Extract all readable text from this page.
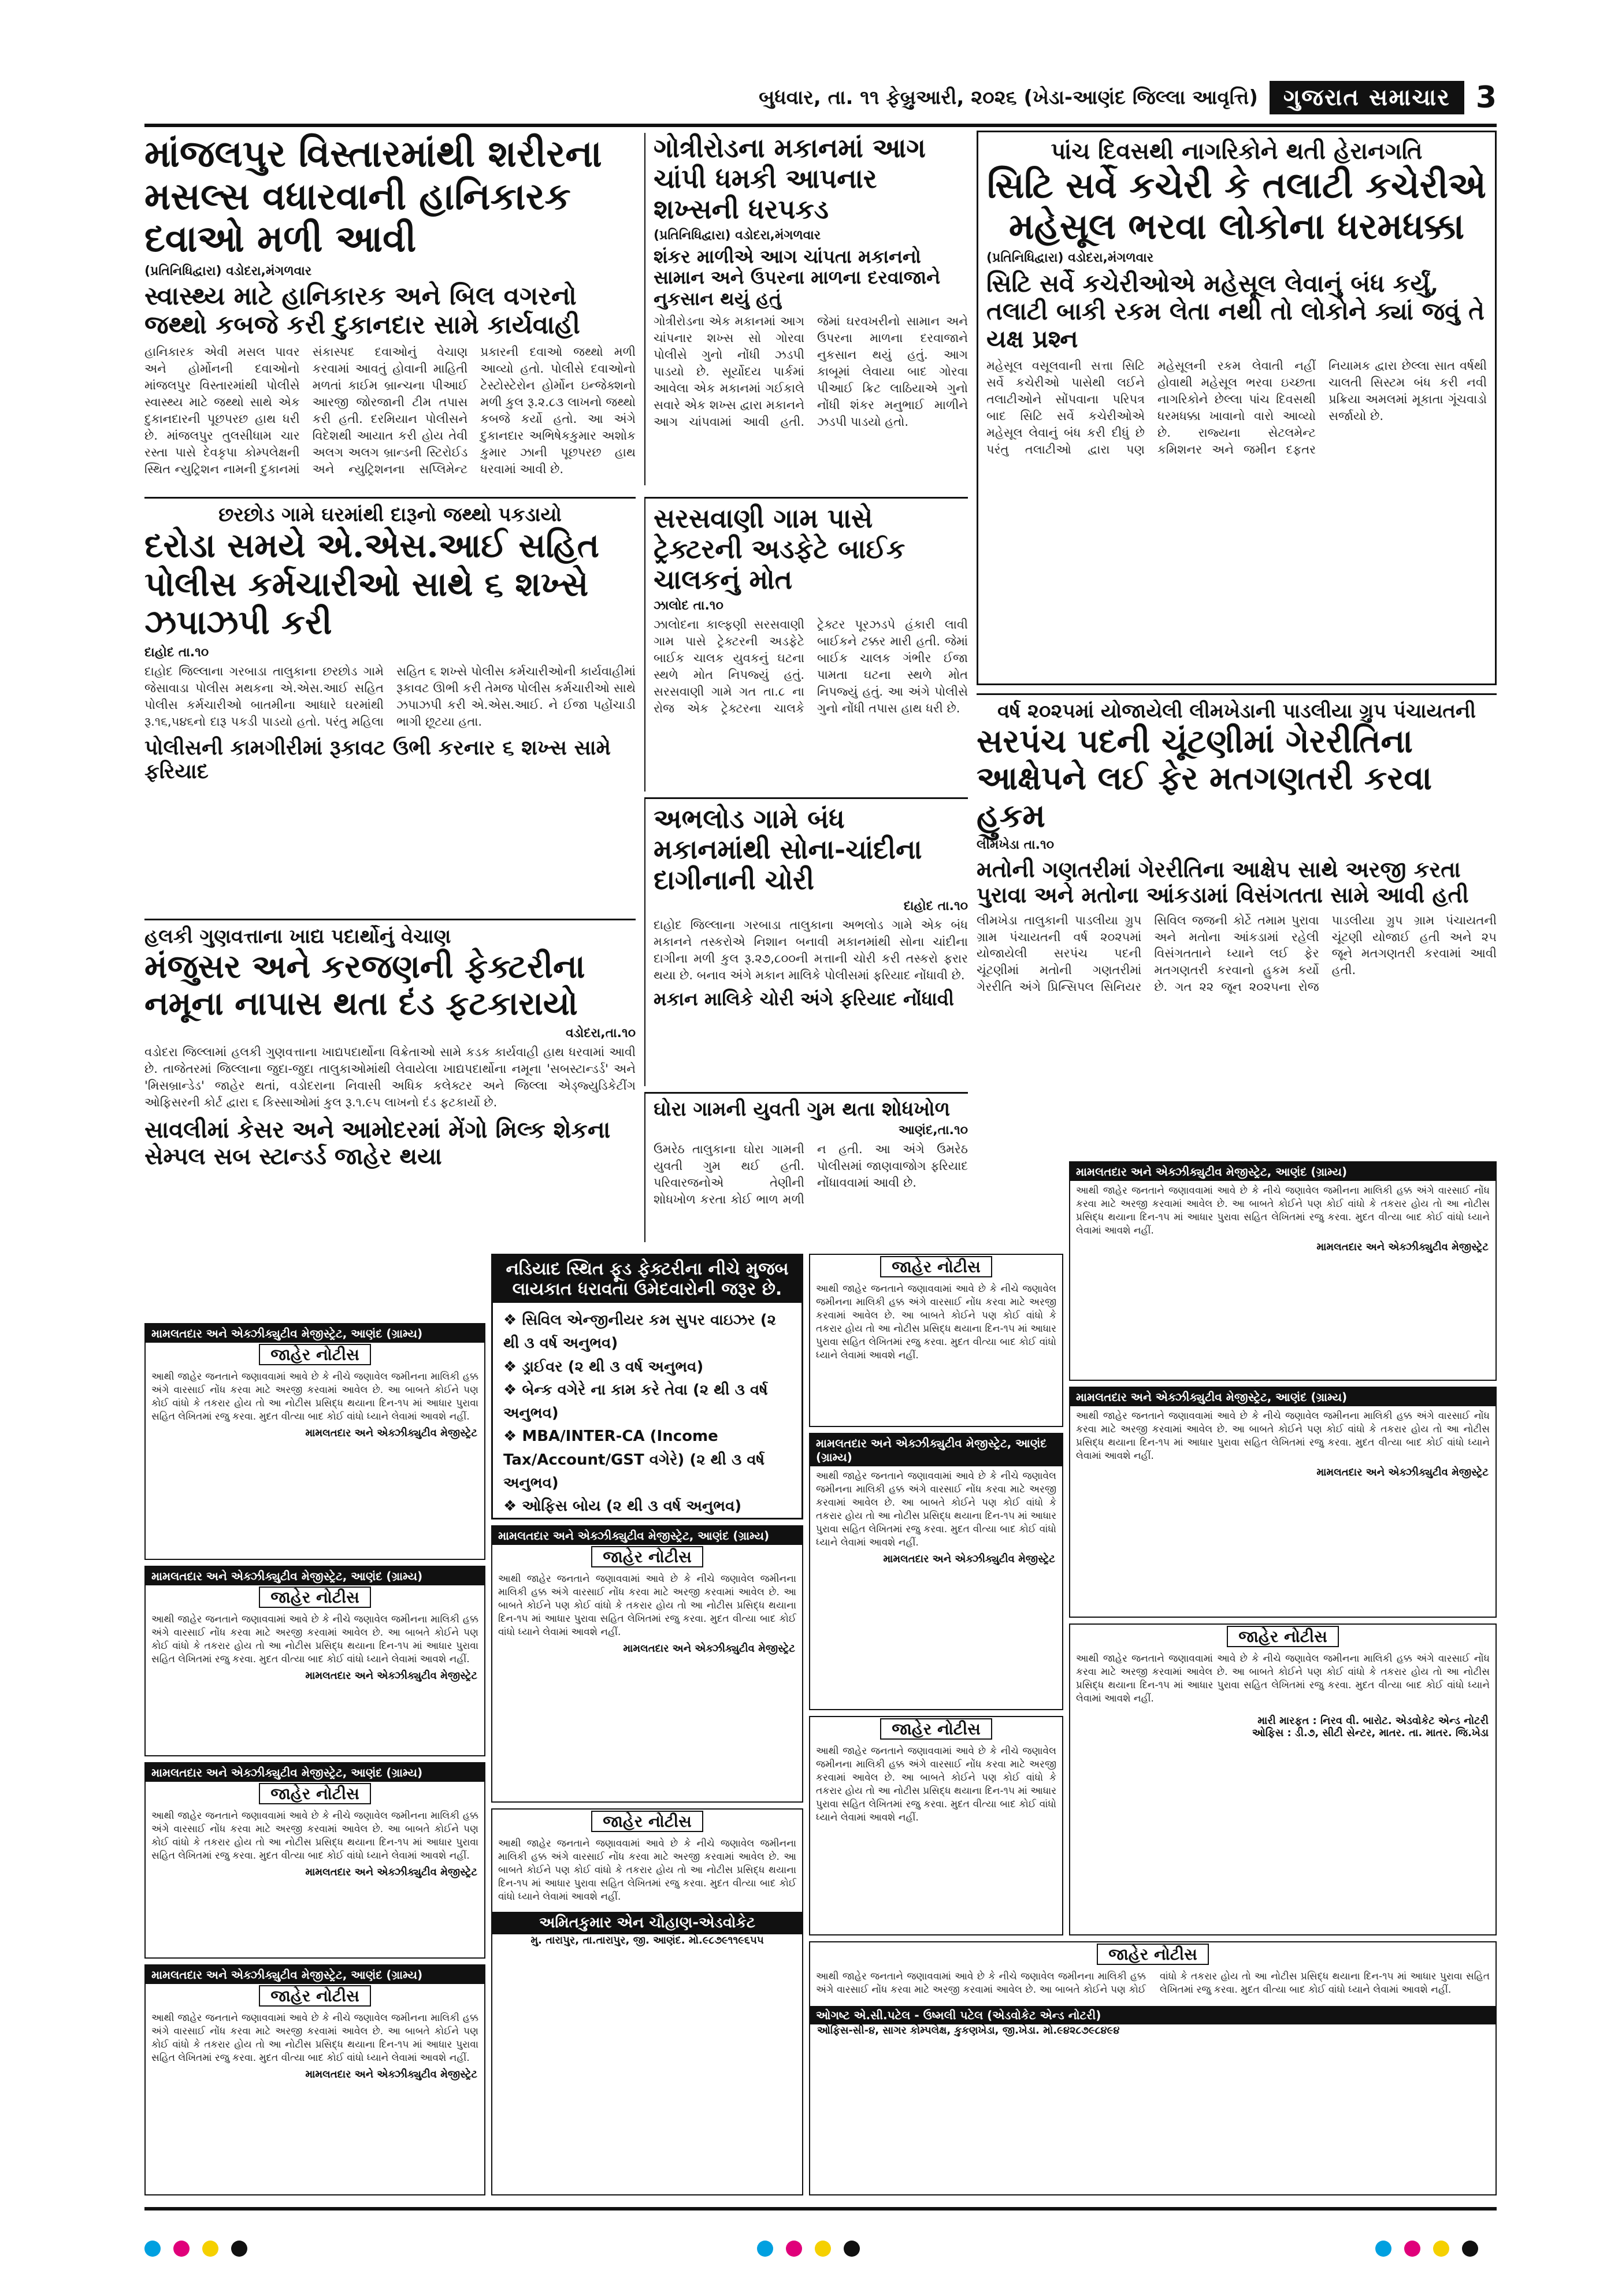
બુધવાર, તા. ૧૧ ફેબ્રુઆરી, ૨૦૨૬ (ખેડા-આણંદ જિલ્લા આવૃત્તિ)	ગુજરાત સમાચાર 3
માંજલપુર વિસ્તારમાંથી શરીરના મસલ્સ વધારવાની હાનિકારક દવાઓ મળી આવી
(પ્રતિનિધિદ્વારા) વડોદરા,મંગળવાર
સ્વાસ્થ્ય માટે હાનિકારક અને બિલ વગરનો જથ્થો કબજે કરી દુકાનદાર સામે કાર્યવાહી
હાનિકારક એવી મસલ પાવર અને હોર્મોનની દવાઓનો માંજલપુર વિસ્તારમાંથી પોલીસે સ્વાસ્થ્ય માટે જથ્થો સાથે એક દુકાનદારની પૂછપરછ હાથ ધરી છે. માંજલપુર તુલસીધામ ચાર રસ્તા પાસે દેવકૃપા કોમ્પલેક્ષની સ્થિત ન્યુટ્રિશન નામની દુકાનમાં સંકાસ્પદ દવાઓનું વેચાણ કરવામાં આવતું હોવાની માહિતી મળતાં કાઈમ બ્રાન્ચના પીઆઈ આરજી જોરજાની ટીમ તપાસ કરી હતી. દરમિયાન પોલીસને વિદેશથી આયાત કરી હોય તેવી અલગ અલગ બ્રાન્ડની સ્ટિરોઈડ અને ન્યુટ્રિશનના સપ્લિમેન્ટ પ્રકારની દવાઓ જથ્થો મળી આવ્યો હતો. પોલીસે દવાઓનો ટેસ્ટોસ્ટેરોન હોર્મોન ઇન્જેક્શનો મળી કુલ રૂ.૨.૮૩ લાખનો જથ્થો કબજે કર્યો હતો. આ અંગે દુકાનદાર અભિષેકકુમાર અશોક કુમાર ઝાની પૂછપરછ હાથ ધરવામાં આવી છે.
ગોત્રીરોડના મકાનમાં આગ ચાંપી ધમકી આપનાર શખ્સની ધરપકડ
(પ્રતિનિધિદ્વારા) વડોદરા,મંગળવાર
શંકર માળીએ આગ ચાંપતા મકાનનો સામાન અને ઉપરના માળના દરવાજાને નુકસાન થયું હતું
ગોત્રીરોડના એક મકાનમાં આગ ચાંપનાર શખ્સ સો ગોરવા પોલીસે ગુનો નોંધી ઝડપી પાડયો છે. સૂર્યોદય પાર્કમાં આવેલા એક મકાનમાં ગઈકાલે સવારે એક શખ્સ દ્વારા મકાનને આગ ચાંપવામાં આવી હતી. જેમાં ઘરવખરીનો સામાન અને ઉપરના માળના દરવાજાને નુકસાન થયું હતું. આગ કાબૂમાં લેવાયા બાદ ગોરવા પીઆઈ ક્રિટ લાઠિયાએ ગુનો નોંધી શંકર મનુભાઈ માળીને ઝડપી પાડયો હતો.
પાંચ દિવસથી નાગરિકોને થતી હેરાનગતિ
સિટિ સર્વે કચેરી કે તલાટી કચેરીએ મહેસૂલ ભરવા લોકોના ધરમધક્કા
(પ્રતિનિધિદ્વારા) વડોદરા,મંગળવાર
સિટિ સર્વે કચેરીઓએ મહેસૂલ લેવાનું બંધ કર્યું, તલાટી બાકી રકમ લેતા નથી તો લોકોને ક્યાં જવું તે યક્ષ પ્રશ્ન
મહેસૂલ વસૂલવાની સત્તા સિટિ સર્વે કચેરીઓ પાસેથી લઈને તલાટીઓને સોંપવાના પરિપત્ર બાદ સિટિ સર્વે કચેરીઓએ મહેસૂલ લેવાનું બંધ કરી દીધું છે પરંતુ તલાટીઓ દ્વારા પણ મહેસૂલની રકમ લેવાતી નહીં હોવાથી મહેસૂલ ભરવા ઇચ્છતા નાગરિકોને છેલ્લા પાંચ દિવસથી ધરમધક્કા ખાવાનો વારો આવ્યો છે. રાજ્યના સેટલમેન્ટ કમિશનર અને જમીન દફતર નિયામક દ્વારા છેલ્લા સાત વર્ષથી ચાલતી સિસ્ટમ બંધ કરી નવી પ્રક્રિયા અમલમાં મૂકાતા ગૂંચવાડો સર્જાયો છે.
છરછોડ ગામે ઘરમાંથી દારૂનો જથ્થો પકડાયો
દરોડા સમયે એ.એસ.આઈ સહિત પોલીસ કર્મચારીઓ સાથે ૬ શખ્સે ઝપાઝપી કરી
દાહોદ તા.૧૦
દાહોદ જિલ્લાના ગરબાડા તાલુકાના છરછોડ ગામે જેસાવાડા પોલીસ મથકના એ.એસ.આઈ સહિત પોલીસ કર્મચારીઓ બાતમીના આધારે ઘરમાંથી રૂ.૧૬,૫૪૬નો દારૂ પકડી પાડયો હતો. પરંતુ મહિલા સહિત ૬ શખ્સે પોલીસ કર્મચારીઓની કાર્યવાહીમાં રૂકાવટ ઊભી કરી તેમજ પોલીસ કર્મચારીઓ સાથે ઝપાઝપી કરી એ.એસ.આઈ. ને ઈજા પહોંચાડી ભાગી છૂટયા હતા.
પોલીસની કામગીરીમાં રૂકાવટ ઉભી કરનાર ૬ શખ્સ સામે ફરિયાદ
સરસવાણી ગામ પાસે ટ્રેક્ટરની અડફેટે બાઈક ચાલકનું મોત
ઝાલોદ તા.૧૦
ઝાલોદના કાલ્ફણી સરસવાણી ગામ પાસે ટ્રેક્ટરની અડફેટે બાઈક ચાલક યુવકનું ઘટના સ્થળે મોત નિપજ્યું હતું. સરસવાણી ગામે ગત તા.૮ ના રોજ એક ટ્રેક્ટરના ચાલકે ટ્રેક્ટર પૂરઝડપે હંકારી લાવી બાઈકને ટક્કર મારી હતી. જેમાં બાઈક ચાલક ગંભીર ઈજા પામતા ઘટના સ્થળે મોત નિપજ્યું હતું. આ અંગે પોલીસે ગુનો નોંધી તપાસ હાથ ધરી છે.	વર્ષ ૨૦૨૫માં યોજાયેલી લીમખેડાની પાડલીયા ગ્રુપ પંચાયતની
સરપંચ પદની ચૂંટણીમાં ગેરરીતિના આક્ષેપને લઈ ફેર મતગણતરી કરવા હુકમ
લીમખેડા તા.૧૦
મતોની ગણતરીમાં ગેરરીતિના આક્ષેપ સાથે અરજી કરતા પુરાવા અને મતોના આંકડામાં વિસંગતતા સામે આવી હતી
લીમખેડા તાલુકાની પાડલીયા ગ્રુપ ગ્રામ પંચાયતની વર્ષ ૨૦૨૫માં યોજાયેલી સરપંચ પદની ચૂંટણીમાં મતોની ગણતરીમાં ગેરરીતિ અંગે પ્રિન્સિપલ સિનિયર સિવિલ જજની કોર્ટે તમામ પુરાવા અને મતોના આંકડામાં રહેલી વિસંગતતાને ધ્યાને લઈ ફેર મતગણતરી કરવાનો હુકમ કર્યો છે. ગત ૨૨ જૂન ૨૦૨૫ના રોજ પાડલીયા ગ્રુપ ગ્રામ પંચાયતની ચૂંટણી યોજાઈ હતી અને ૨૫ જૂને મતગણતરી કરવામાં આવી હતી.
હલકી ગુણવત્તાના ખાદ્ય પદાર્થોનું વેચાણ
મંજુસર અને કરજણની ફેક્ટરીના નમૂના નાપાસ થતા દંડ ફટકારાયો
વડોદરા,તા.૧૦
વડોદરા જિલ્લામાં હલકી ગુણવત્તાના ખાદ્યપદાર્થોના વિક્રેતાઓ સામે કડક કાર્યવાહી હાથ ધરવામાં આવી છે. તાજેતરમાં જિલ્લાના જુદા-જુદા તાલુકાઓમાંથી લેવાયેલા ખાદ્યપદાર્થોના નમૂના 'સબસ્ટાન્ડર્ડ' અને 'મિસબ્રાન્ડેડ' જાહેર થતાં, વડોદરાના નિવાસી અધિક કલેક્ટર અને જિલ્લા એડ્જ્યુડિકેટીંગ ઓફિસરની કોર્ટ દ્વારા ૬ કિસ્સાઓમાં કુલ રૂ.૧.૯૫ લાખનો દંડ ફટકાર્યો છે.
સાવલીમાં કેસર અને આમોદરમાં મેંગો મિલ્ક શેકના સેમ્પલ સબ સ્ટાન્ડર્ડ જાહેર થયા
અભલોડ ગામે બંધ મકાનમાંથી સોના-ચાંદીના દાગીનાની ચોરી
દાહોદ તા.૧૦
દાહોદ જિલ્લાના ગરબાડા તાલુકાના અભલોડ ગામે એક બંધ મકાનને તસ્કરોએ નિશાન બનાવી મકાનમાંથી સોના ચાંદીના દાગીના મળી કુલ રૂ.૨૭,૮૦૦ની મત્તાની ચોરી કરી તસ્કરો ફરાર થયા છે. બનાવ અંગે મકાન માલિકે પોલીસમાં ફરિયાદ નોંધાવી છે.
મકાન માલિકે ચોરી અંગે ફરિયાદ નોંધાવી
ઘોરા ગામની યુવતી ગુમ થતા શોધખોળ
આણંદ,તા.૧૦
ઉમરેઠ તાલુકાના ઘોરા ગામની યુવતી ગુમ થઈ હતી. પરિવારજનોએ તેણીની શોધખોળ કરતા કોઈ ભાળ મળી ન હતી. આ અંગે ઉમરેઠ પોલીસમાં જાણવાજોગ ફરિયાદ નોંધાવવામાં આવી છે.
નડિયાદ સ્થિત ફૂડ ફેક્ટરીના નીચે મુજબ લાયકાત ધરાવતા ઉમેદવારોની જરૂર છે.
❖ સિવિલ એન્જીનીયર કમ સુપર વાઇઝર (૨ થી ૩ વર્ષ અનુભવ)
❖ ડ્રાઈવર (૨ થી ૩ વર્ષ અનુભવ)
❖ બેન્ક વગેરે ના કામ કરે તેવા (૨ થી ૩ વર્ષ અનુભવ)
❖ MBA/INTER-CA (Income Tax/Account/GST વગેરે) (૨ થી ૩ વર્ષ અનુભવ)
❖ ઓફિસ બોય (૨ થી ૩ વર્ષ અનુભવ)
મામલતદાર અને એક્ઝીક્યુટીવ મેજીસ્ટ્રેટ, આણંદ (ગ્રામ્ય)
જાહેર નોટીસ
આથી જાહેર જનતાને જણાવવામાં આવે છે કે નીચે જણાવેલ જમીનના માલિકી હક્ક અંગે વારસાઈ નોંધ કરવા માટે અરજી કરવામાં આવેલ છે. આ બાબતે કોઈને પણ કોઈ વાંધો કે તકરાર હોય તો આ નોટીસ પ્રસિદ્ધ થયાના દિન-૧૫ માં આધાર પુરાવા સહિત લેખિતમાં રજુ કરવા. મુદત વીત્યા બાદ કોઈ વાંધો ધ્યાને લેવામાં આવશે નહીં.
મામલતદાર અને એક્ઝીક્યુટીવ મેજીસ્ટ્રેટ
મામલતદાર અને એક્ઝીક્યુટીવ મેજીસ્ટ્રેટ, આણંદ (ગ્રામ્ય)
જાહેર નોટીસ
આથી જાહેર જનતાને જણાવવામાં આવે છે કે નીચે જણાવેલ જમીનના માલિકી હક્ક અંગે વારસાઈ નોંધ કરવા માટે અરજી કરવામાં આવેલ છે. આ બાબતે કોઈને પણ કોઈ વાંધો કે તકરાર હોય તો આ નોટીસ પ્રસિદ્ધ થયાના દિન-૧૫ માં આધાર પુરાવા સહિત લેખિતમાં રજુ કરવા. મુદત વીત્યા બાદ કોઈ વાંધો ધ્યાને લેવામાં આવશે નહીં.
મામલતદાર અને એક્ઝીક્યુટીવ મેજીસ્ટ્રેટ
મામલતદાર અને એક્ઝીક્યુટીવ મેજીસ્ટ્રેટ, આણંદ (ગ્રામ્ય)
જાહેર નોટીસ
આથી જાહેર જનતાને જણાવવામાં આવે છે કે નીચે જણાવેલ જમીનના માલિકી હક્ક અંગે વારસાઈ નોંધ કરવા માટે અરજી કરવામાં આવેલ છે. આ બાબતે કોઈને પણ કોઈ વાંધો કે તકરાર હોય તો આ નોટીસ પ્રસિદ્ધ થયાના દિન-૧૫ માં આધાર પુરાવા સહિત લેખિતમાં રજુ કરવા. મુદત વીત્યા બાદ કોઈ વાંધો ધ્યાને લેવામાં આવશે નહીં.
મામલતદાર અને એક્ઝીક્યુટીવ મેજીસ્ટ્રેટ
મામલતદાર અને એક્ઝીક્યુટીવ મેજીસ્ટ્રેટ, આણંદ (ગ્રામ્ય)
જાહેર નોટીસ
આથી જાહેર જનતાને જણાવવામાં આવે છે કે નીચે જણાવેલ જમીનના માલિકી હક્ક અંગે વારસાઈ નોંધ કરવા માટે અરજી કરવામાં આવેલ છે. આ બાબતે કોઈને પણ કોઈ વાંધો કે તકરાર હોય તો આ નોટીસ પ્રસિદ્ધ થયાના દિન-૧૫ માં આધાર પુરાવા સહિત લેખિતમાં રજુ કરવા. મુદત વીત્યા બાદ કોઈ વાંધો ધ્યાને લેવામાં આવશે નહીં.
મામલતદાર અને એક્ઝીક્યુટીવ મેજીસ્ટ્રેટ
મામલતદાર અને એક્ઝીક્યુટીવ મેજીસ્ટ્રેટ, આણંદ (ગ્રામ્ય)
જાહેર નોટીસ
આથી જાહેર જનતાને જણાવવામાં આવે છે કે નીચે જણાવેલ જમીનના માલિકી હક્ક અંગે વારસાઈ નોંધ કરવા માટે અરજી કરવામાં આવેલ છે. આ બાબતે કોઈને પણ કોઈ વાંધો કે તકરાર હોય તો આ નોટીસ પ્રસિદ્ધ થયાના દિન-૧૫ માં આધાર પુરાવા સહિત લેખિતમાં રજુ કરવા. મુદત વીત્યા બાદ કોઈ વાંધો ધ્યાને લેવામાં આવશે નહીં.
મામલતદાર અને એક્ઝીક્યુટીવ મેજીસ્ટ્રેટ
જાહેર નોટીસ
આથી જાહેર જનતાને જણાવવામાં આવે છે કે નીચે જણાવેલ જમીનના માલિકી હક્ક અંગે વારસાઈ નોંધ કરવા માટે અરજી કરવામાં આવેલ છે. આ બાબતે કોઈને પણ કોઈ વાંધો કે તકરાર હોય તો આ નોટીસ પ્રસિદ્ધ થયાના દિન-૧૫ માં આધાર પુરાવા સહિત લેખિતમાં રજુ કરવા. મુદત વીત્યા બાદ કોઈ વાંધો ધ્યાને લેવામાં આવશે નહીં.
અમિતકુમાર એન ચૌહાણ-એડવોકેટ
મુ. તારાપુર, તા.તારાપુર, જી. આણંદ. મો.૯૮૭૯૧૧૯૬૫૫
જાહેર નોટીસ
આથી જાહેર જનતાને જણાવવામાં આવે છે કે નીચે જણાવેલ જમીનના માલિકી હક્ક અંગે વારસાઈ નોંધ કરવા માટે અરજી કરવામાં આવેલ છે. આ બાબતે કોઈને પણ કોઈ વાંધો કે તકરાર હોય તો આ નોટીસ પ્રસિદ્ધ થયાના દિન-૧૫ માં આધાર પુરાવા સહિત લેખિતમાં રજુ કરવા. મુદત વીત્યા બાદ કોઈ વાંધો ધ્યાને લેવામાં આવશે નહીં.
મામલતદાર અને એક્ઝીક્યુટીવ મેજીસ્ટ્રેટ, આણંદ (ગ્રામ્ય)
આથી જાહેર જનતાને જણાવવામાં આવે છે કે નીચે જણાવેલ જમીનના માલિકી હક્ક અંગે વારસાઈ નોંધ કરવા માટે અરજી કરવામાં આવેલ છે. આ બાબતે કોઈને પણ કોઈ વાંધો કે તકરાર હોય તો આ નોટીસ પ્રસિદ્ધ થયાના દિન-૧૫ માં આધાર પુરાવા સહિત લેખિતમાં રજુ કરવા. મુદત વીત્યા બાદ કોઈ વાંધો ધ્યાને લેવામાં આવશે નહીં.
મામલતદાર અને એક્ઝીક્યુટીવ મેજીસ્ટ્રેટ
જાહેર નોટીસ
આથી જાહેર જનતાને જણાવવામાં આવે છે કે નીચે જણાવેલ જમીનના માલિકી હક્ક અંગે વારસાઈ નોંધ કરવા માટે અરજી કરવામાં આવેલ છે. આ બાબતે કોઈને પણ કોઈ વાંધો કે તકરાર હોય તો આ નોટીસ પ્રસિદ્ધ થયાના દિન-૧૫ માં આધાર પુરાવા સહિત લેખિતમાં રજુ કરવા. મુદત વીત્યા બાદ કોઈ વાંધો ધ્યાને લેવામાં આવશે નહીં.
જાહેર નોટીસ
આથી જાહેર જનતાને જણાવવામાં આવે છે કે નીચે જણાવેલ જમીનના માલિકી હક્ક અંગે વારસાઈ નોંધ કરવા માટે અરજી કરવામાં આવેલ છે. આ બાબતે કોઈને પણ કોઈ વાંધો કે તકરાર હોય તો આ નોટીસ પ્રસિદ્ધ થયાના દિન-૧૫ માં આધાર પુરાવા સહિત લેખિતમાં રજુ કરવા. મુદત વીત્યા બાદ કોઈ વાંધો ધ્યાને લેવામાં આવશે નહીં.
ઓગષ્ટ એ.સી.પટેલ - ઉષ્મલી પટેલ (એડવોકેટ એન્ડ નોટરી)
ઓફિસ-સી-૪, સાગર કોમ્પલેક્ષ, કુકણખેડા, જી.ખેડા. મો.૯૪૨૮૭૯૮૪૯૪
મામલતદાર અને એક્ઝીક્યુટીવ મેજીસ્ટ્રેટ, આણંદ (ગ્રામ્ય)
આથી જાહેર જનતાને જણાવવામાં આવે છે કે નીચે જણાવેલ જમીનના માલિકી હક્ક અંગે વારસાઈ નોંધ કરવા માટે અરજી કરવામાં આવેલ છે. આ બાબતે કોઈને પણ કોઈ વાંધો કે તકરાર હોય તો આ નોટીસ પ્રસિદ્ધ થયાના દિન-૧૫ માં આધાર પુરાવા સહિત લેખિતમાં રજુ કરવા. મુદત વીત્યા બાદ કોઈ વાંધો ધ્યાને લેવામાં આવશે નહીં.
મામલતદાર અને એક્ઝીક્યુટીવ મેજીસ્ટ્રેટ
મામલતદાર અને એક્ઝીક્યુટીવ મેજીસ્ટ્રેટ, આણંદ (ગ્રામ્ય)
આથી જાહેર જનતાને જણાવવામાં આવે છે કે નીચે જણાવેલ જમીનના માલિકી હક્ક અંગે વારસાઈ નોંધ કરવા માટે અરજી કરવામાં આવેલ છે. આ બાબતે કોઈને પણ કોઈ વાંધો કે તકરાર હોય તો આ નોટીસ પ્રસિદ્ધ થયાના દિન-૧૫ માં આધાર પુરાવા સહિત લેખિતમાં રજુ કરવા. મુદત વીત્યા બાદ કોઈ વાંધો ધ્યાને લેવામાં આવશે નહીં.
મામલતદાર અને એક્ઝીક્યુટીવ મેજીસ્ટ્રેટ
જાહેર નોટીસ
આથી જાહેર જનતાને જણાવવામાં આવે છે કે નીચે જણાવેલ જમીનના માલિકી હક્ક અંગે વારસાઈ નોંધ કરવા માટે અરજી કરવામાં આવેલ છે. આ બાબતે કોઈને પણ કોઈ વાંધો કે તકરાર હોય તો આ નોટીસ પ્રસિદ્ધ થયાના દિન-૧૫ માં આધાર પુરાવા સહિત લેખિતમાં રજુ કરવા. મુદત વીત્યા બાદ કોઈ વાંધો ધ્યાને લેવામાં આવશે નહીં.
મારી મારફત : નિરવ વી. બારોટ. એડવોકેટ એન્ડ નોટરી
ઓફિસ : ડી.૭, સીટી સેન્ટર, માતર. તા. માતર. જિ.ખેડા
